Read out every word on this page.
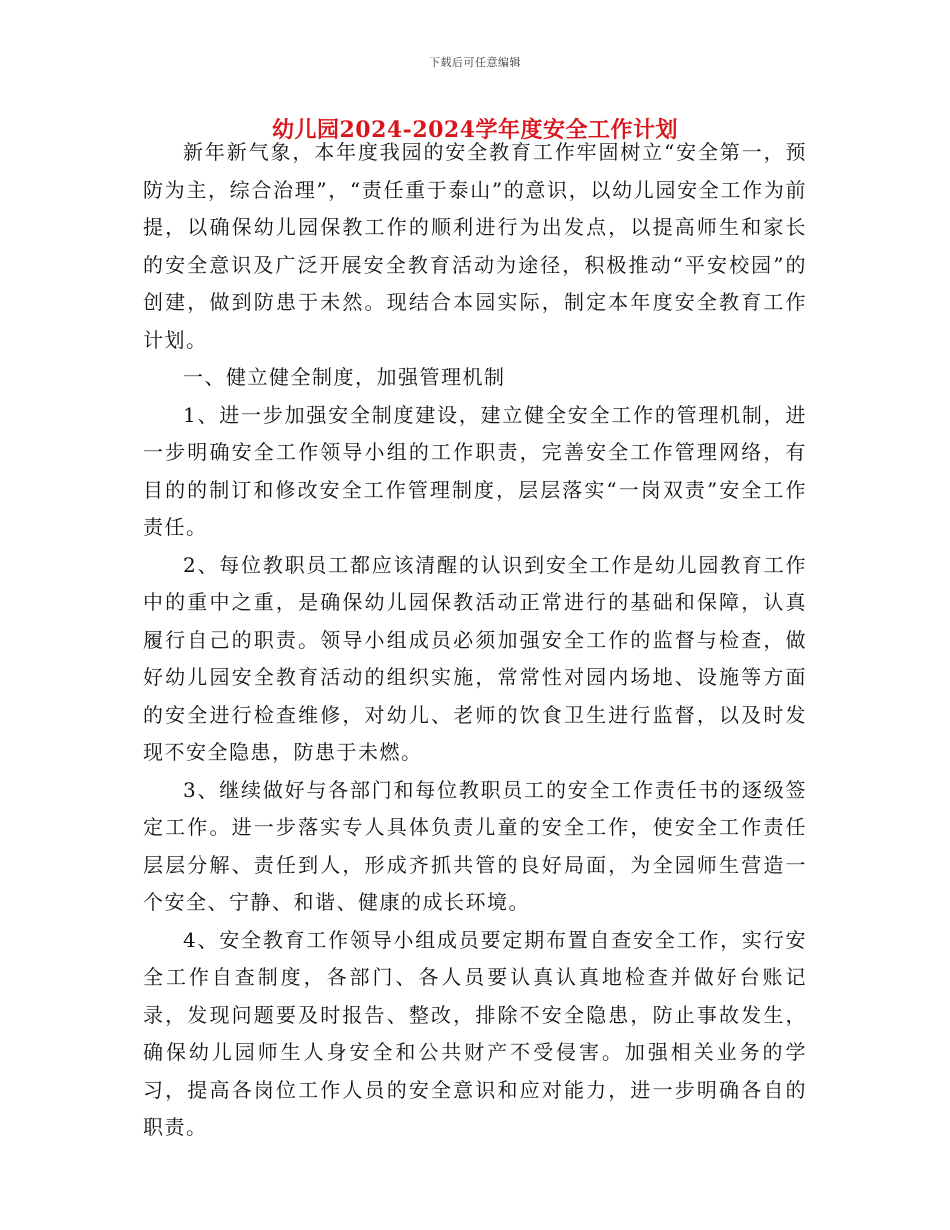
下载后可任意编辑
幼儿园2024-2024学年度安全工作计划

新年新气象，本年度我园的安全教育工作牢固树立“安全第一，预防为主，综合治理”，“责任重于泰山”的意识，以幼儿园安全工作为前提，以确保幼儿园保教工作的顺利进行为出发点，以提高师生和家长的安全意识及广泛开展安全教育活动为途径，积极推动“平安校园”的创建，做到防患于未然。现结合本园实际，制定本年度安全教育工作计划。

一、健立健全制度，加强管理机制

1、进一步加强安全制度建设，建立健全安全工作的管理机制，进一步明确安全工作领导小组的工作职责，完善安全工作管理网络，有目的的制订和修改安全工作管理制度，层层落实“一岗双责”安全工作责任。

2、每位教职员工都应该清醒的认识到安全工作是幼儿园教育工作中的重中之重，是确保幼儿园保教活动正常进行的基础和保障，认真履行自己的职责。领导小组成员必须加强安全工作的监督与检查，做好幼儿园安全教育活动的组织实施，常常性对园内场地、设施等方面的安全进行检查维修，对幼儿、老师的饮食卫生进行监督，以及时发现不安全隐患，防患于未燃。

3、继续做好与各部门和每位教职员工的安全工作责任书的逐级签定工作。进一步落实专人具体负责儿童的安全工作，使安全工作责任层层分解、责任到人，形成齐抓共管的良好局面，为全园师生营造一个安全、宁静、和谐、健康的成长环境。

4、安全教育工作领导小组成员要定期布置自查安全工作，实行安全工作自查制度，各部门、各人员要认真认真地检查并做好台账记录，发现问题要及时报告、整改，排除不安全隐患，防止事故发生，确保幼儿园师生人身安全和公共财产不受侵害。加强相关业务的学习，提高各岗位工作人员的安全意识和应对能力，进一步明确各自的职责。
